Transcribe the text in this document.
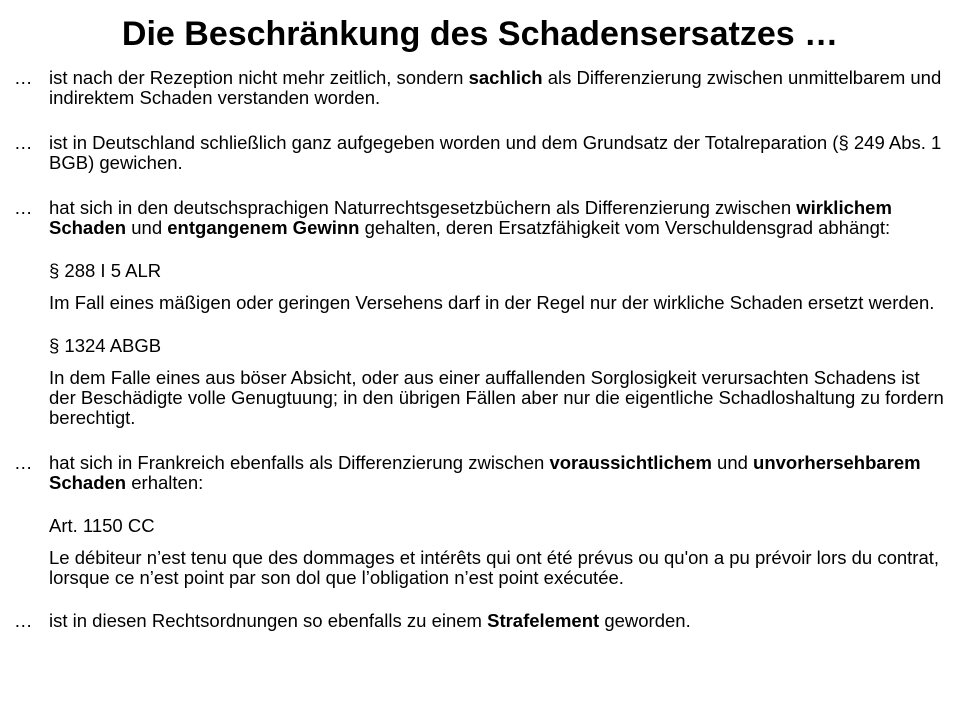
Die Beschränkung des Schadensersatzes …
… ist nach der Rezeption nicht mehr zeitlich, sondern sachlich als Differenzierung zwischen unmittelbarem und indirektem Schaden verstanden worden.
… ist in Deutschland schließlich ganz aufgegeben worden und dem Grundsatz der Totalreparation (§ 249 Abs. 1 BGB) gewichen.
… hat sich in den deutschsprachigen Naturrechtsgesetzbüchern als Differenzierung zwischen wirklichem Schaden und entgangenem Gewinn gehalten, deren Ersatzfähigkeit vom Verschuldensgrad abhängt:
§ 288 I 5 ALR
Im Fall eines mäßigen oder geringen Versehens darf in der Regel nur der wirkliche Schaden ersetzt werden.
§ 1324 ABGB
In dem Falle eines aus böser Absicht, oder aus einer auffallenden Sorglosigkeit verursachten Schadens ist der Beschädigte volle Genugtuung; in den übrigen Fällen aber nur die eigentliche Schadloshaltung zu fordern berechtigt.
… hat sich in Frankreich ebenfalls als Differenzierung zwischen voraussichtlichem und unvorhersehbarem Schaden erhalten:
Art. 1150 CC
Le débiteur n’est tenu que des dommages et intérêts qui ont été prévus ou qu'on a pu prévoir lors du contrat, lorsque ce n’est point par son dol que l’obligation n’est point exécutée.
… ist in diesen Rechtsordnungen so ebenfalls zu einem Strafelement geworden.
